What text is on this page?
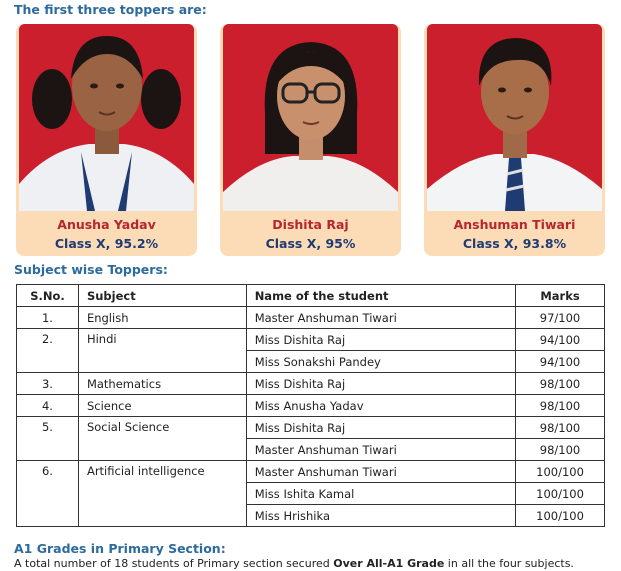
The first three toppers are:
Anusha Yadav
Class X, 95.2%
Dishita Raj
Class X, 95%
Anshuman Tiwari
Class X, 93.8%
Subject wise Toppers:
S.No.	Subject	Name of the student	Marks
1.	English	Master Anshuman Tiwari	97/100
2.	Hindi	Miss Dishita Raj	94/100
		Miss Sonakshi Pandey	94/100
3.	Mathematics	Miss Dishita Raj	98/100
4.	Science	Miss Anusha Yadav	98/100
5.	Social Science	Miss Dishita Raj	98/100
		Master Anshuman Tiwari	98/100
6.	Artificial intelligence	Master Anshuman Tiwari	100/100
		Miss Ishita Kamal	100/100
		Miss Hrishika	100/100
A1 Grades in Primary Section:
A total number of 18 students of Primary section secured Over All-A1 Grade in all the four subjects.
